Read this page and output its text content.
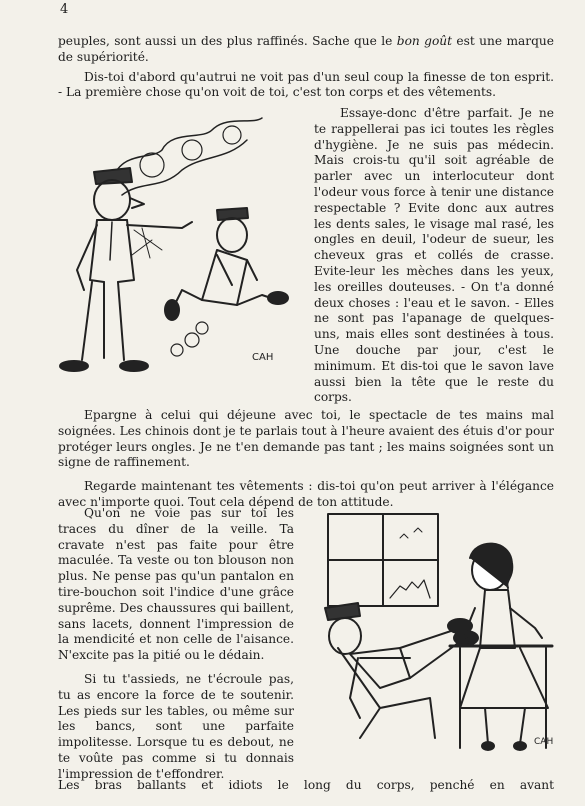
4

peuples, sont aussi un des plus raffinés. Sache que le bon goût est une marque de supériorité.

Dis-toi d'abord qu'autrui ne voit pas d'un seul coup la finesse de ton esprit. - La première chose qu'on voit de toi, c'est ton corps et des vêtements.

Essaye-donc d'être parfait. Je ne te rappellerai pas ici toutes les règles d'hygiène. Je ne suis pas médecin. Mais crois-tu qu'il soit agréable de parler avec un interlocuteur dont l'odeur vous force à tenir une distance respectable ? Evite donc aux autres les dents sales, le visage mal rasé, les ongles en deuil, l'odeur de sueur, les cheveux gras et collés de crasse. Evite-leur les mèches dans les yeux, les oreilles douteuses. - On t'a donné deux choses : l'eau et le savon. - Elles ne sont pas l'apanage de quelques-uns, mais elles sont destinées à tous. Une douche par jour, c'est le minimum. Et dis-toi que le savon lave aussi bien la tête que le reste du corps.

CAH

Epargne à celui qui déjeune avec toi, le spectacle de tes mains mal soignées. Les chinois dont je te parlais tout à l'heure avaient des étuis d'or pour protéger leurs ongles. Je ne t'en demande pas tant ; les mains soignées sont un signe de raffinement.

Regarde maintenant tes vêtements : dis-toi qu'on peut arriver à l'élégance avec n'importe quoi. Tout cela dépend de ton attitude.

Qu'on ne voie pas sur toi les traces du dîner de la veille. Ta cravate n'est pas faite pour être maculée. Ta veste ou ton blouson non plus. Ne pense pas qu'un pantalon en tire-bouchon soit l'indice d'une grâce suprême. Des chaussures qui baillent, sans lacets, donnent l'impression de la mendicité et non celle de l'aisance. N'excite pas la pitié ou le dédain.

Si tu t'assieds, ne t'écroule pas, tu as encore la force de te soutenir. Les pieds sur les tables, ou même sur les bancs, sont une parfaite impolitesse. Lorsque tu es debout, ne te voûte pas comme si tu donnais l'impression de t'effondrer.

Les bras ballants et idiots le long du corps, penché en avant
CAH
